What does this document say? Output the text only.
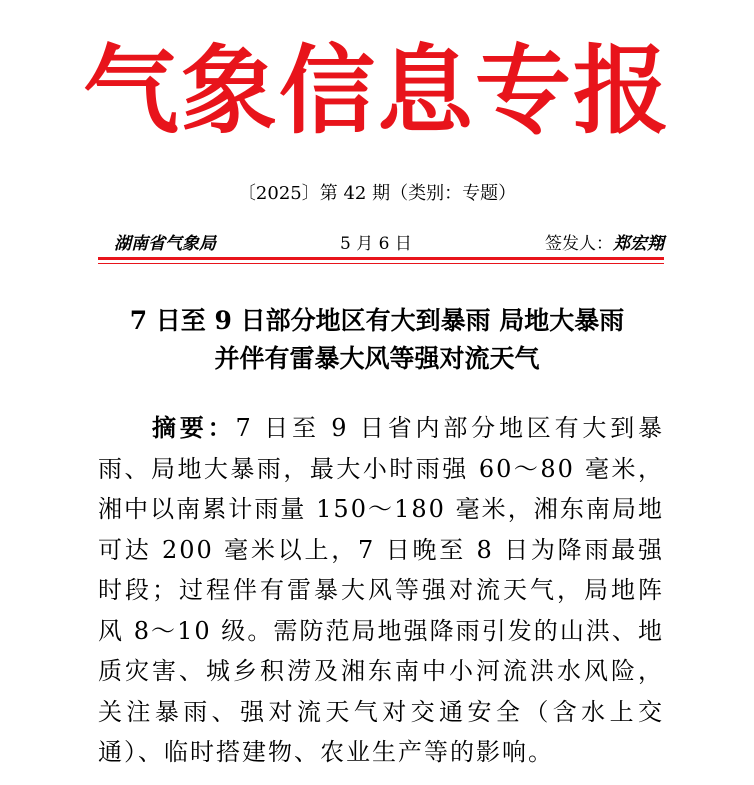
气象信息专报
〔2025〕第 42 期（类别：专题）
湖南省气象局	5 月 6 日	签发人：郑宏翔
7 日至 9 日部分地区有大到暴雨 局地大暴雨
并伴有雷暴大风等强对流天气

摘要：7 日至 9 日省内部分地区有大到暴雨、局地大暴雨，最大小时雨强 60～80 毫米，湘中以南累计雨量 150～180 毫米，湘东南局地可达 200 毫米以上，7 日晚至 8 日为降雨最强时段；过程伴有雷暴大风等强对流天气，局地阵风 8～10 级。需防范局地强降雨引发的山洪、地质灾害、城乡积涝及湘东南中小河流洪水风险，关注暴雨、强对流天气对交通安全（含水上交通）、临时搭建物、农业生产等的影响。
